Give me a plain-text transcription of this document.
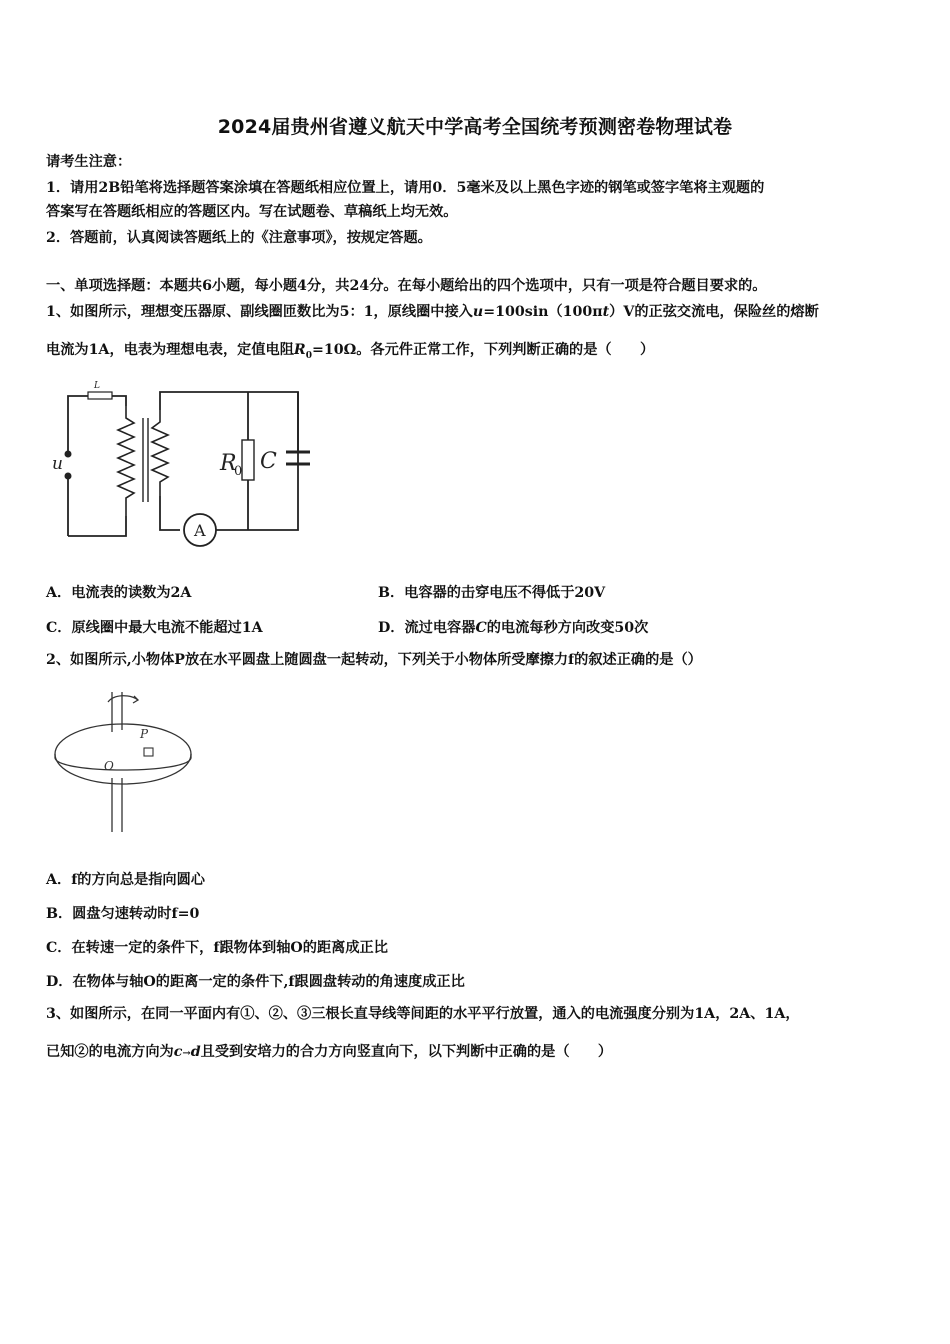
2024届贵州省遵义航天中学高考全国统考预测密卷物理试卷
请考生注意：
1．请用2B铅笔将选择题答案涂填在答题纸相应位置上，请用0．5毫米及以上黑色字迹的钢笔或签字笔将主观题的
答案写在答题纸相应的答题区内。写在试题卷、草稿纸上均无效。
2．答题前，认真阅读答题纸上的《注意事项》，按规定答题。
一、单项选择题：本题共6小题，每小题4分，共24分。在每小题给出的四个选项中，只有一项是符合题目要求的。
1、如图所示，理想变压器原、副线圈匝数比为5：1，原线圈中接入u=100sin（100πt）V的正弦交流电，保险丝的熔断
电流为1A，电表为理想电表，定值电阻$R_0=10\Omega$。各元件正常工作，下列判断正确的是（　　）
L
u	R
0 C
A
A．电流表的读数为2A	B．电容器的击穿电压不得低于20V
C．原线圈中最大电流不能超过1A	D．流过电容器C的电流每秒方向改变50次
2、如图所示,小物体P放在水平圆盘上随圆盘一起转动，下列关于小物体所受摩擦力f的叙述正确的是（）
P
O
A．f的方向总是指向圆心
B．圆盘匀速转动时f=0
C．在转速一定的条件下，f跟物体到轴O的距离成正比
D．在物体与轴O的距离一定的条件下,f跟圆盘转动的角速度成正比
3、如图所示，在同一平面内有①、②、③三根长直导线等间距的水平平行放置，通入的电流强度分别为1A，2A、1A，
已知②的电流方向为c→d且受到安培力的合力方向竖直向下，以下判断中正确的是（　　）
